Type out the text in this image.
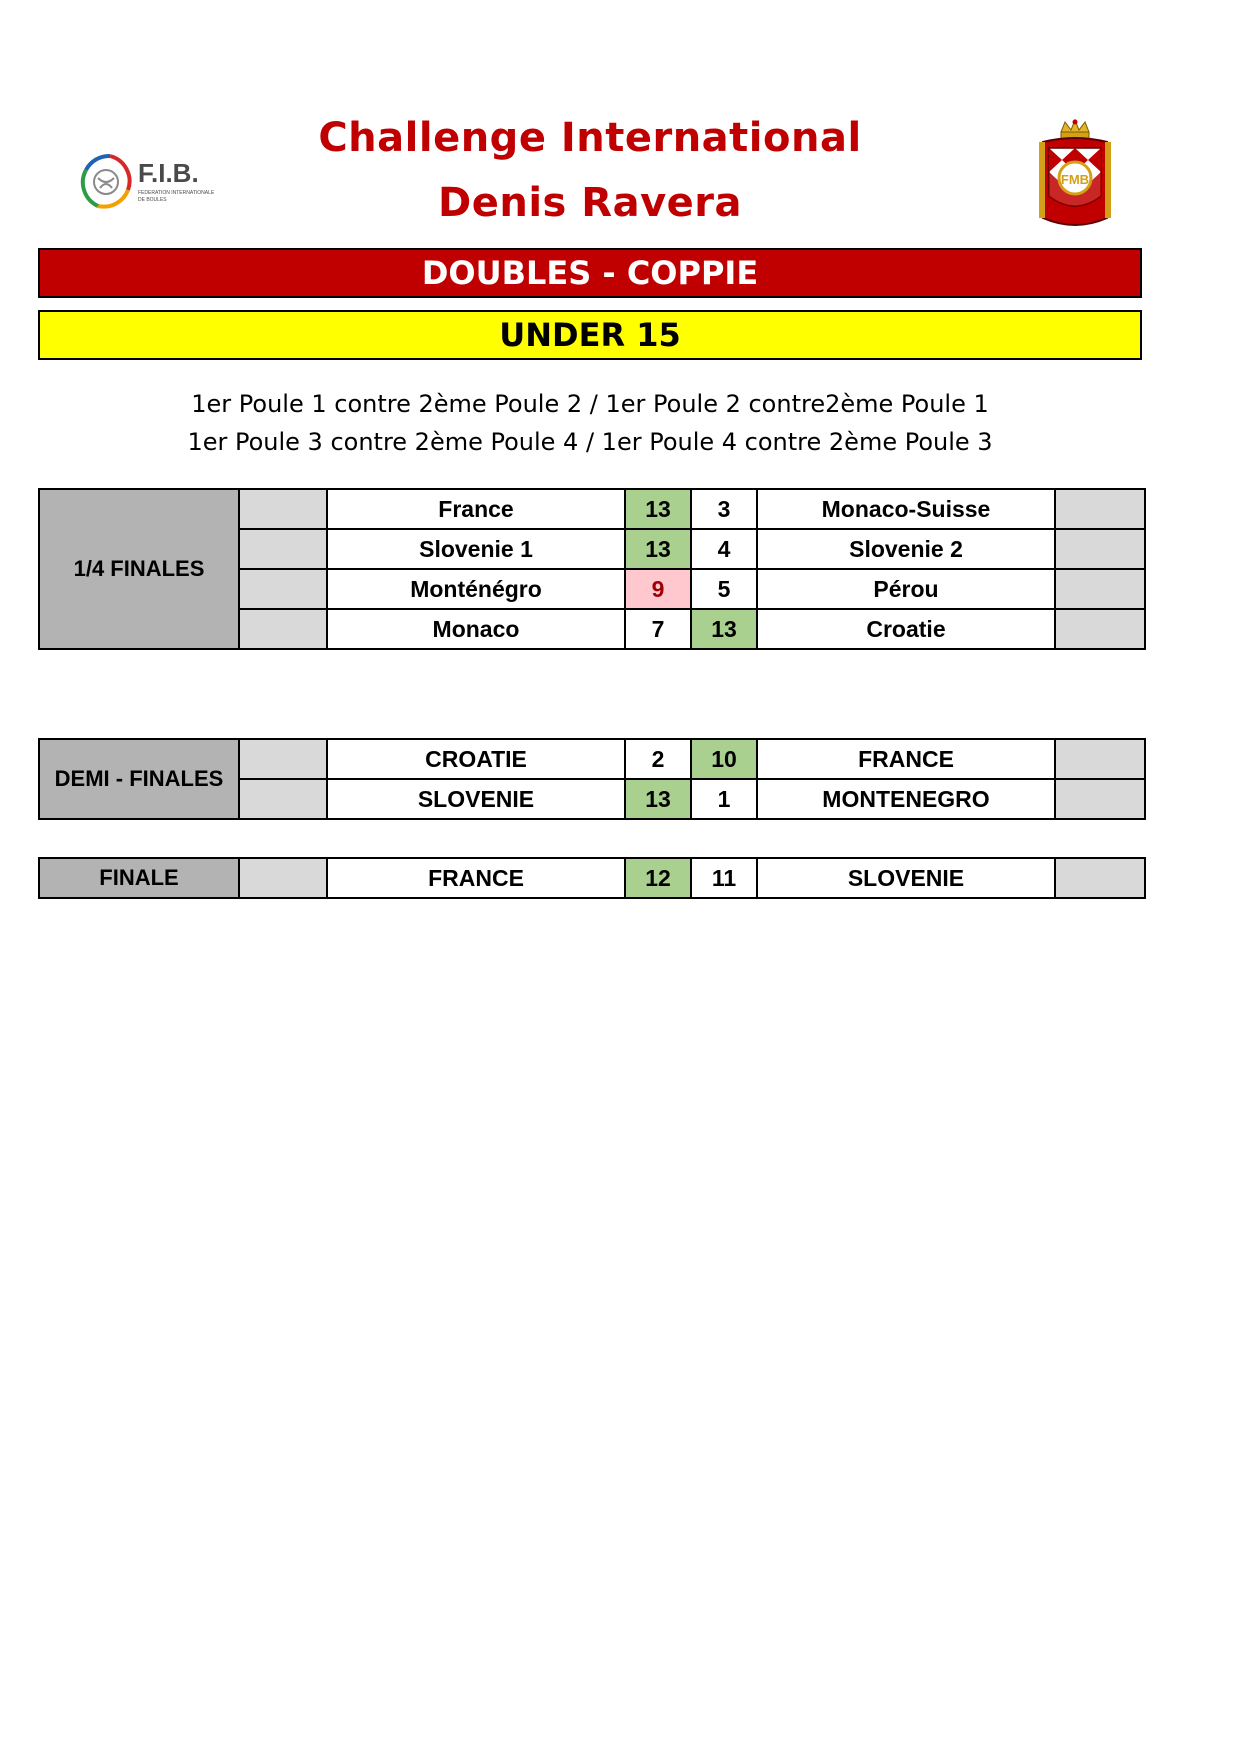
F.I.B.
FEDERATION INTERNATIONALE
DE BOULES
Challenge International
Denis Ravera
FMB
DOUBLES - COPPIE
UNDER 15
1er Poule 1 contre 2ème Poule 2 / 1er Poule 2 contre2ème Poule 1
1er Poule 3 contre 2ème Poule 4 / 1er Poule 4 contre 2ème Poule 3
1/4 FINALES		France	13	3	Monaco-Suisse	
		Slovenie 1	13	4	Slovenie 2	
		Monténégro	9	5	Pérou	
		Monaco	7	13	Croatie	
DEMI - FINALES		CROATIE	2	10	FRANCE	
		SLOVENIE	13	1	MONTENEGRO	
FINALE		FRANCE	12	11	SLOVENIE	
